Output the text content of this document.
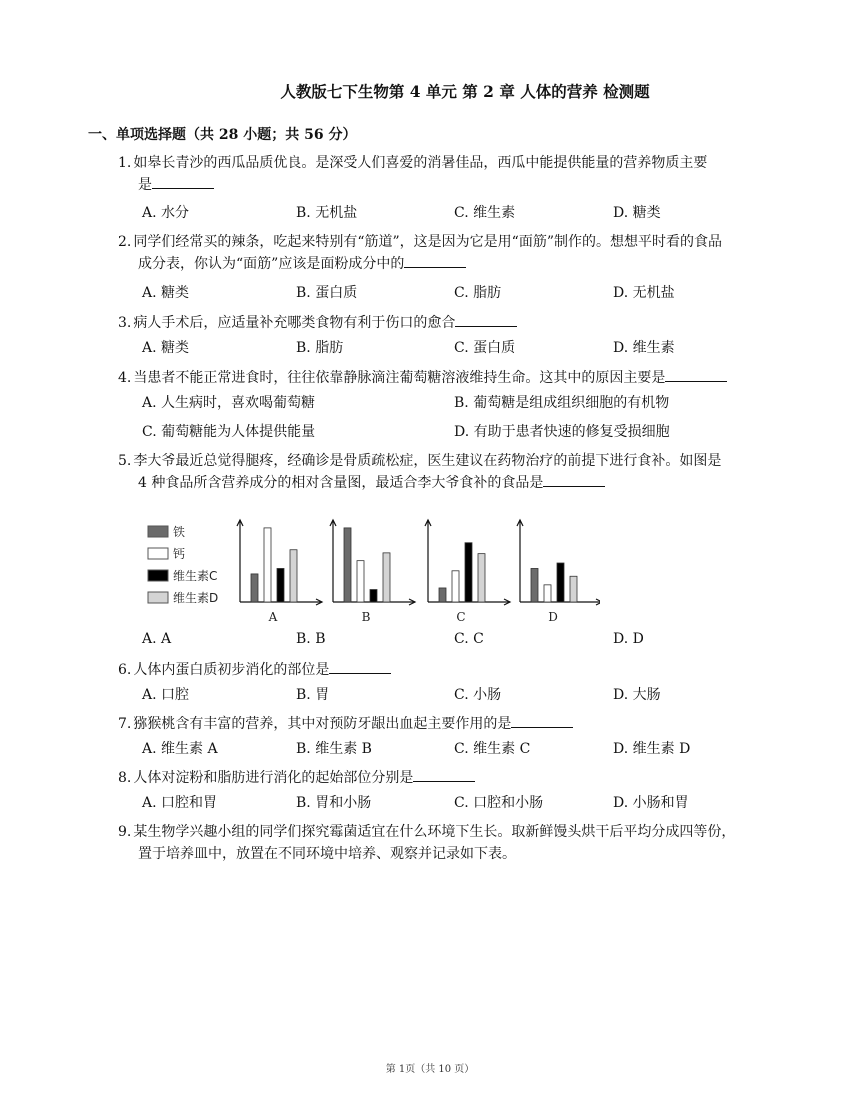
人教版七下生物第 4 单元 第 2 章 人体的营养 检测题
一、单项选择题（共 28 小题；共 56 分）
1. 如皋长青沙的西瓜品质优良。是深受人们喜爱的消暑佳品，西瓜中能提供能量的营养物质主要
是
A. 水分	B. 无机盐	C. 维生素	D. 糖类
2. 同学们经常买的辣条，吃起来特别有“筋道”，这是因为它是用“面筋”制作的。想想平时看的食品
成分表，你认为“面筋”应该是面粉成分中的
A. 糖类	B. 蛋白质	C. 脂肪	D. 无机盐
3. 病人手术后，应适量补充哪类食物有利于伤口的愈合
A. 糖类	B. 脂肪	C. 蛋白质	D. 维生素
4. 当患者不能正常进食时，往往依靠静脉滴注葡萄糖溶液维持生命。这其中的原因主要是
A. 人生病时，喜欢喝葡萄糖	B. 葡萄糖是组成组织细胞的有机物
C. 葡萄糖能为人体提供能量	D. 有助于患者快速的修复受损细胞
5. 李大爷最近总觉得腿疼，经确诊是骨质疏松症，医生建议在药物治疗的前提下进行食补。如图是
4 种食品所含营养成分的相对含量图，最适合李大爷食补的食品是
铁
钙
维生素C
维生素D
A	B	C	D
A. A	B. B	C. C	D. D
6. 人体内蛋白质初步消化的部位是
A. 口腔	B. 胃	C. 小肠	D. 大肠
7. 猕猴桃含有丰富的营养，其中对预防牙龈出血起主要作用的是
A. 维生素 A	B. 维生素 B	C. 维生素 C	D. 维生素 D
8. 人体对淀粉和脂肪进行消化的起始部位分别是
A. 口腔和胃	B. 胃和小肠	C. 口腔和小肠	D. 小肠和胃
9. 某生物学兴趣小组的同学们探究霉菌适宜在什么环境下生长。取新鲜馒头烘干后平均分成四等份，
置于培养皿中，放置在不同环境中培养、观察并记录如下表。
第 1页（共 10 页）
